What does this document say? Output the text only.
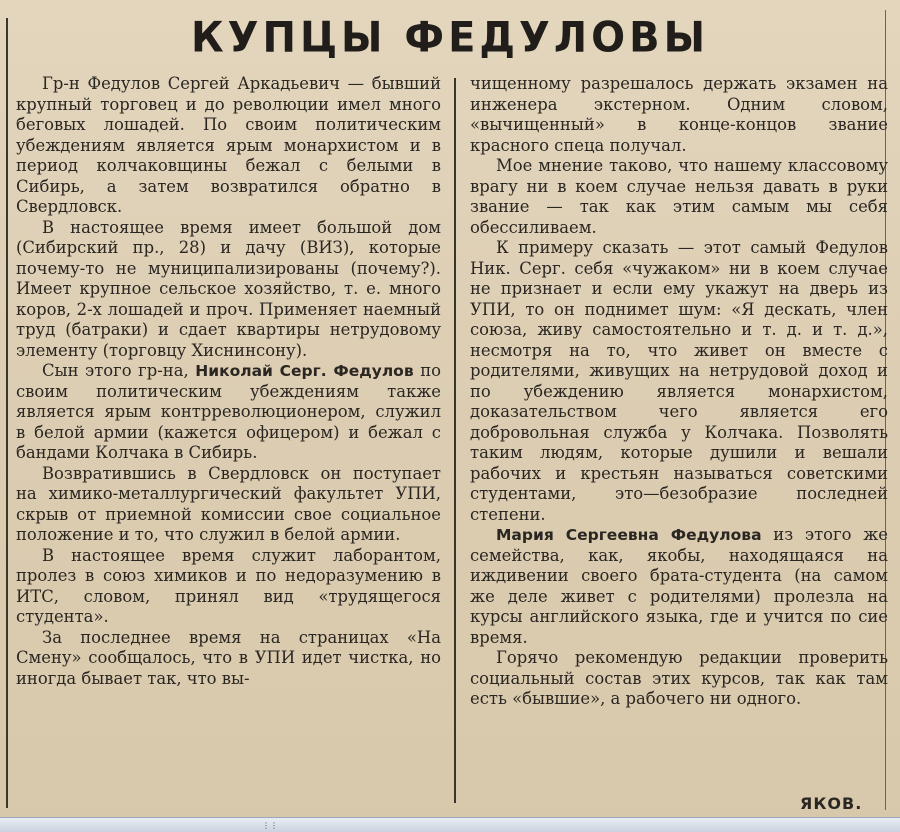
КУПЦЫ ФЕДУЛОВЫ

Гр-н Федулов Сергей Аркадьевич — бывший крупный торговец и до революции имел много беговых лошадей. По своим политическим убеждениям является ярым монархистом и в период колчаковщины бежал с белыми в Сибирь, а затем возвратился обратно в Свердловск.

В настоящее время имеет большой дом (Сибирский пр., 28) и дачу (ВИЗ), которые почему-то не муниципализированы (почему?). Имеет крупное сельское хозяйство, т. е. много коров, 2-х лошадей и проч. Применяет наемный труд (батраки) и сдает квартиры нетрудовому элементу (торговцу Хиснинсону).

Сын этого гр-на, Николай Серг. Федулов по своим политическим убеждениям также является ярым контрреволюционером, служил в белой армии (кажется офицером) и бежал с бандами Колчака в Сибирь.

Возвратившись в Свердловск он поступает на химико-металлургический факультет УПИ, скрыв от приемной комиссии свое социальное положение и то, что служил в белой армии.

В настоящее время служит лаборантом, пролез в союз химиков и по недоразумению в ИТС, словом, принял вид «трудящегося студента».

За последнее время на страницах «На Смену» сообщалось, что в УПИ идет чистка, но иногда бывает так, что вы-

чищенному разрешалось держать экзамен на инженера экстерном. Одним словом, «вычищенный» в конце-концов звание красного спеца получал.

Мое мнение таково, что нашему классовому врагу ни в коем случае нельзя давать в руки звание — так как этим самым мы себя обессиливаем.

К примеру сказать — этот самый Федулов Ник. Серг. себя «чужаком» ни в коем случае не признает и если ему укажут на дверь из УПИ, то он поднимет шум: «Я дескать, член союза, живу самостоятельно и т. д. и т. д.», несмотря на то, что живет он вместе с родителями, живущих на нетрудовой доход и по убеждению является монархистом, доказательством чего является его добровольная служба у Колчака. Позволять таким людям, которые душили и вешали рабочих и крестьян называться советскими студентами, это—безобразие последней степени.

Мария Сергеевна Федулова из этого же семейства, как, якобы, находящаяся на иждивении своего брата-студента (на самом же деле живет с родителями) пролезла на курсы английского языка, где и учится по сие время.

Горячо рекомендую редакции проверить социальный состав этих курсов, так как там есть «бывшие», а рабочего ни одного.

ЯКОВ.
⋮⋮
